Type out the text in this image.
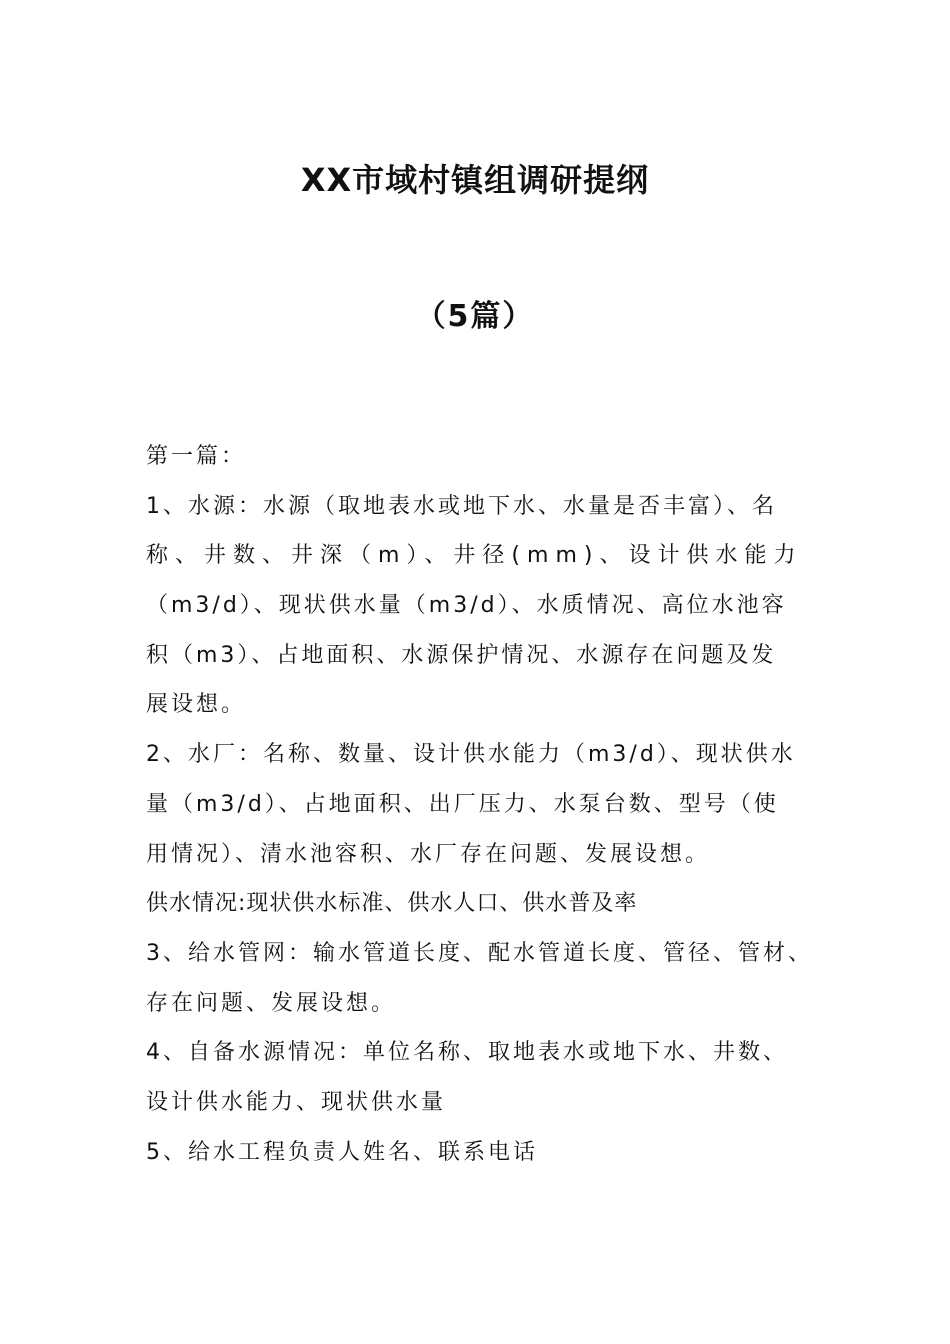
XX市域村镇组调研提纲
（5篇）
第一篇：
1、水源：水源（取地表水或地下水、水量是否丰富）、名
称、井数、井深（m）、井径(mm)、设计供水能力
（m3/d）、现状供水量（m3/d）、水质情况、高位水池容
积（m3）、占地面积、水源保护情况、水源存在问题及发
展设想。
2、水厂：名称、数量、设计供水能力（m3/d）、现状供水
量（m3/d）、占地面积、出厂压力、水泵台数、型号（使
用情况）、清水池容积、水厂存在问题、发展设想。
供水情况:现状供水标准、供水人口、供水普及率
3、给水管网：输水管道长度、配水管道长度、管径、管材、
存在问题、发展设想。
4、自备水源情况：单位名称、取地表水或地下水、井数、
设计供水能力、现状供水量
5、给水工程负责人姓名、联系电话
